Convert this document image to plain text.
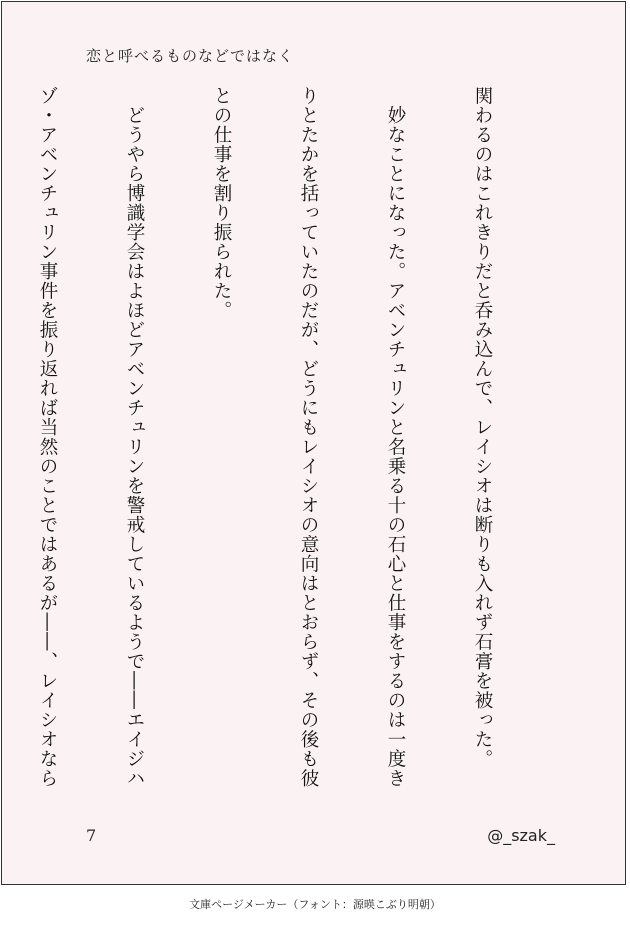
恋と呼べるものなどではなく

関わるのはこれきりだと呑み込んで、レイシオは断りも入れず石膏を被った。

　妙なことになった。アベンチュリンと名乗る十の石心と仕事をするのは一度き

りとたかを括っていたのだが、どうにもレイシオの意向はとおらず、その後も彼

との仕事を割り振られた。

　どうやら博識学会はよほどアベンチュリンを警戒しているようで――エイジハ

ゾ・アベンチュリン事件を振り返れば当然のことではあるが――、レイシオなら

7	@_szak_
文庫ページメーカー（フォント：源暎こぶり明朝）
